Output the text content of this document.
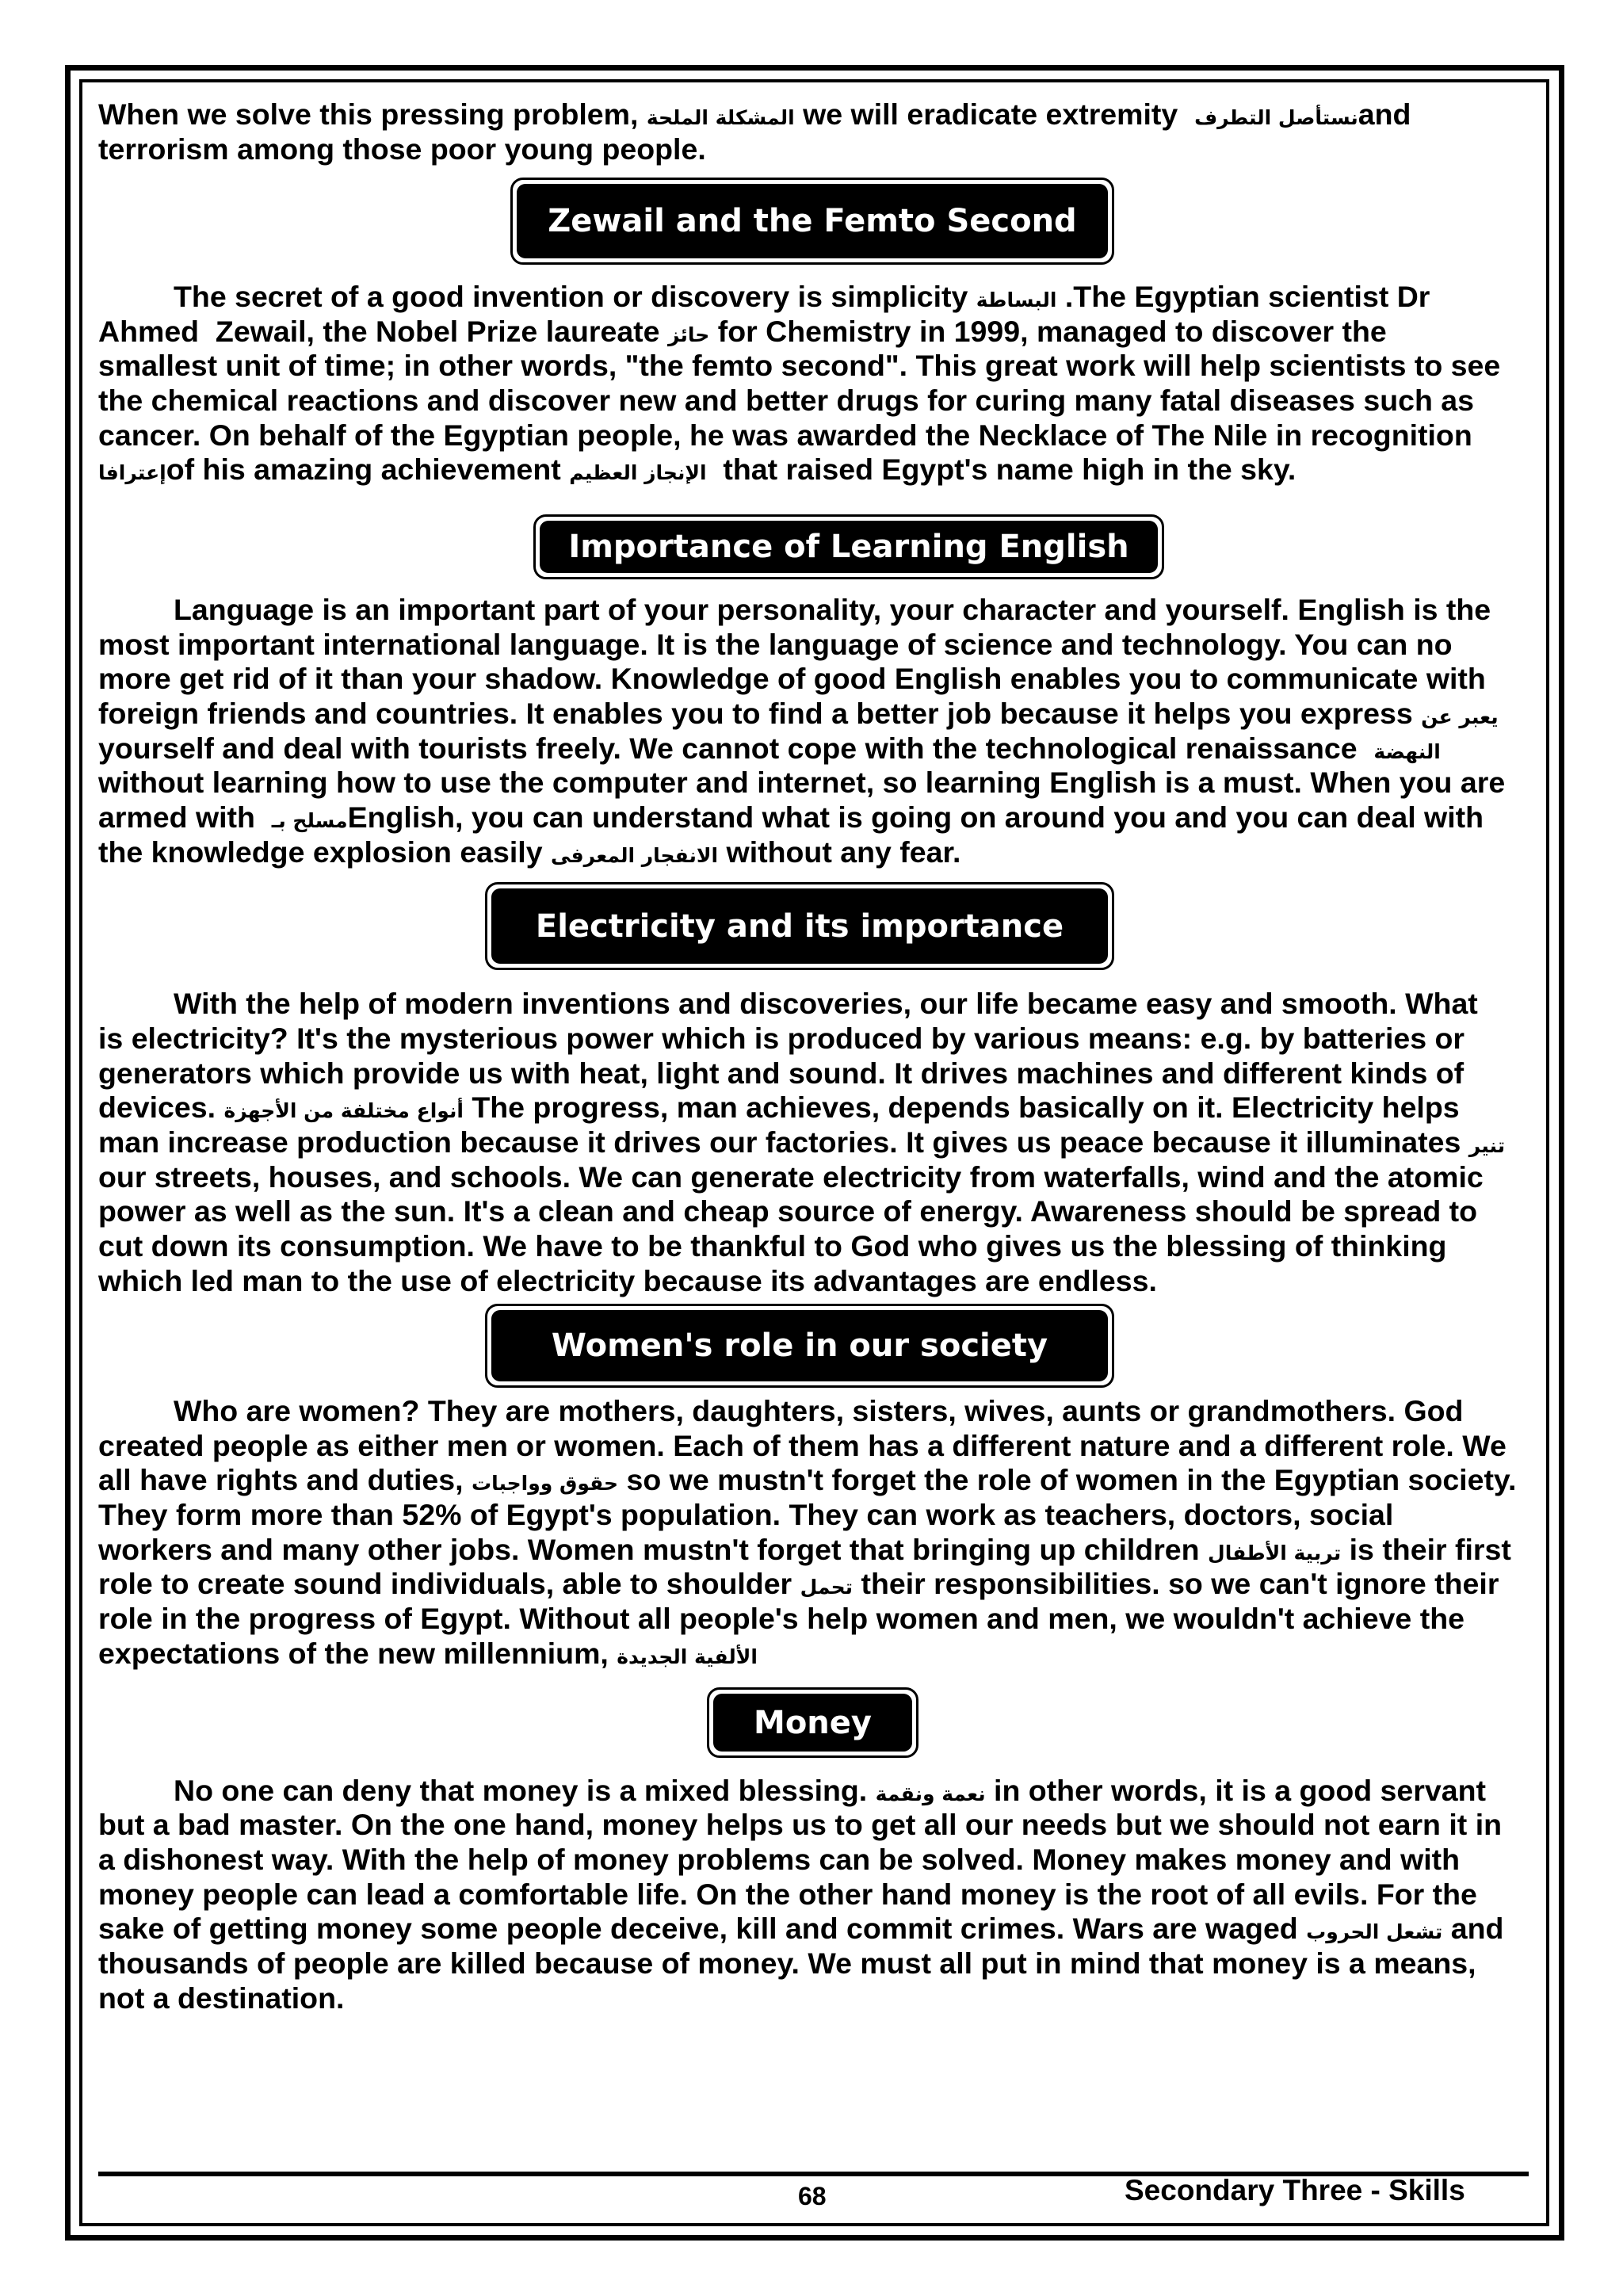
When we solve this pressing problem, المشكلة الملحة we will eradicate extremity  نستأصل التطرفand
terrorism among those poor young people.
Zewail and the Femto Second
The secret of a good invention or discovery is simplicity البساطة .The Egyptian scientist Dr
Ahmed  Zewail, the Nobel Prize laureate حائز for Chemistry in 1999, managed to discover the
smallest unit of time; in other words, "the femto second". This great work will help scientists to see
the chemical reactions and discover new and better drugs for curing many fatal diseases such as
cancer. On behalf of the Egyptian people, he was awarded the Necklace of The Nile in recognition
إعترافاof his amazing achievement الإنجاز العظيم  that raised Egypt's name high in the sky.
Importance of Learning English
Language is an important part of your personality, your character and yourself. English is the
most important international language. It is the language of science and technology. You can no
more get rid of it than your shadow. Knowledge of good English enables you to communicate with
foreign friends and countries. It enables you to find a better job because it helps you express يعبر عن
yourself and deal with tourists freely. We cannot cope with the technological renaissance  النهضة
without learning how to use the computer and internet, so learning English is a must. When you are
armed with  مسلح بـEnglish, you can understand what is going on around you and you can deal with
the knowledge explosion easily الانفجار المعرفى without any fear.
Electricity and its importance
With the help of modern inventions and discoveries, our life became easy and smooth. What
is electricity? It's the mysterious power which is produced by various means: e.g. by batteries or
generators which provide us with heat, light and sound. It drives machines and different kinds of
devices. أنواع مختلفة من الأجهزة The progress, man achieves, depends basically on it. Electricity helps
man increase production because it drives our factories. It gives us peace because it illuminates تنير
our streets, houses, and schools. We can generate electricity from waterfalls, wind and the atomic
power as well as the sun. It's a clean and cheap source of energy. Awareness should be spread to
cut down its consumption. We have to be thankful to God who gives us the blessing of thinking
which led man to the use of electricity because its advantages are endless.
Women's role in our society
Who are women? They are mothers, daughters, sisters, wives, aunts or grandmothers. God
created people as either men or women. Each of them has a different nature and a different role. We
all have rights and duties, حقوق وواجبات so we mustn't forget the role of women in the Egyptian society.
They form more than 52% of Egypt's population. They can work as teachers, doctors, social
workers and many other jobs. Women mustn't forget that bringing up children تربية الأطفال is their first
role to create sound individuals, able to shoulder تحمل their responsibilities. so we can't ignore their
role in the progress of Egypt. Without all people's help women and men, we wouldn't achieve the
expectations of the new millennium, الألفية الجديدة
Money
No one can deny that money is a mixed blessing. نعمة ونقمة in other words, it is a good servant
but a bad master. On the one hand, money helps us to get all our needs but we should not earn it in
a dishonest way. With the help of money problems can be solved. Money makes money and with
money people can lead a comfortable life. On the other hand money is the root of all evils. For the
sake of getting money some people deceive, kill and commit crimes. Wars are waged تشعل الحروب and
thousands of people are killed because of money. We must all put in mind that money is a means,
not a destination.
68	Secondary Three - Skills
